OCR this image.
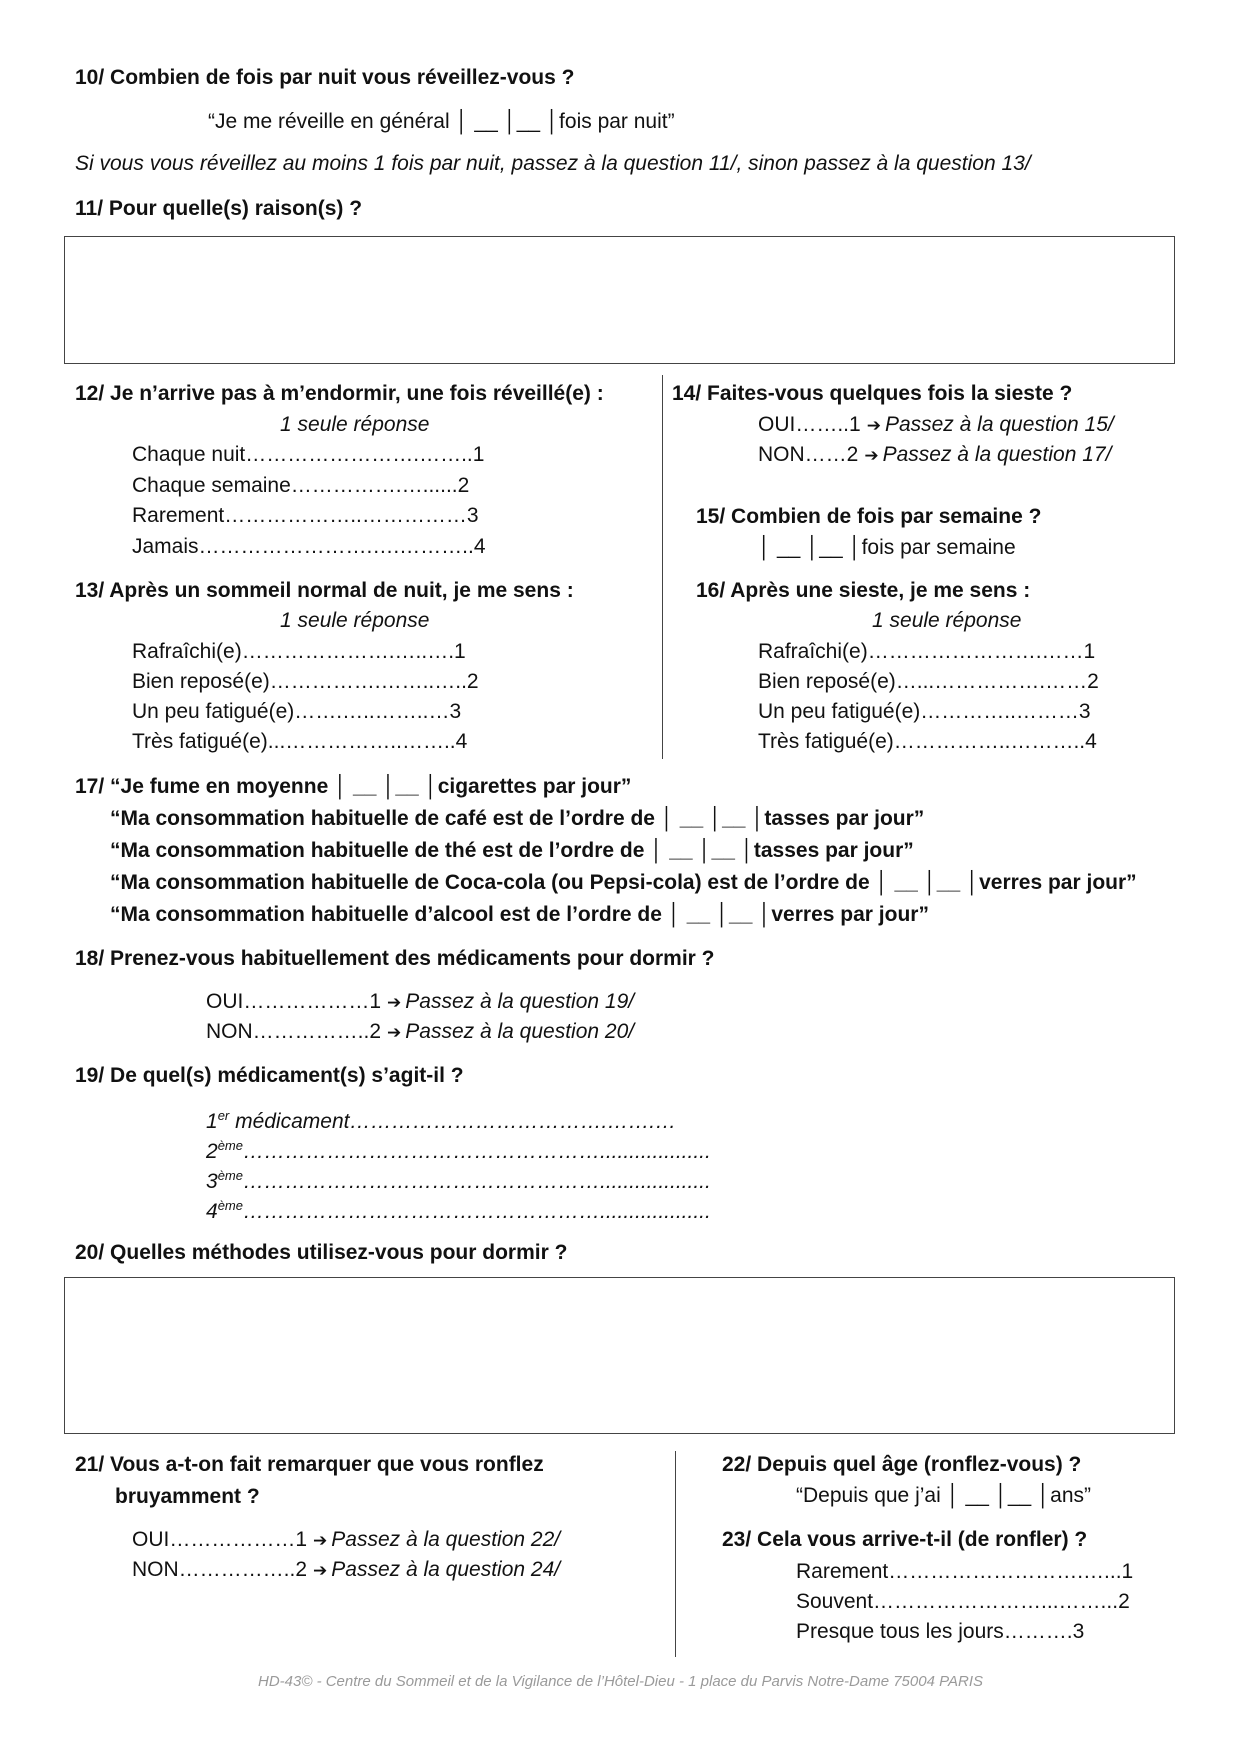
10/ Combien de fois par nuit vous réveillez-vous ?
“Je me réveille en général │ __ │__ │fois par nuit”
Si vous vous réveillez au moins 1 fois par nuit, passez à la question 11/, sinon passez à la question 13/
11/ Pour quelle(s) raison(s) ?
12/ Je n’arrive pas à m’endormir, une fois réveillé(e) :
1 seule réponse
Chaque nuit…………………….……..1
Chaque semaine…………….…......2
Rarement………………..……………3
Jamais…………………….….………..4
13/ Après un sommeil normal de nuit, je me sens :
1 seule réponse
Rafraîchi(e)………………….…..….1
Bien reposé(e)…………….……..…..2
Un peu fatigué(e)…….…..……..…3
Très fatigué(e)...……………..……..4
14/ Faites-vous quelques fois la sieste ?
OUI……..1 ➔ Passez à la question 15/
NON……2 ➔ Passez à la question 17/
15/ Combien de fois par semaine ?
│ __ │__ │fois par semaine
16/ Après une sieste, je me sens :
1 seule réponse
Rafraîchi(e)…………………….……1
Bien reposé(e)…...…………….……2
Un peu fatigué(e)…………..………3
Très fatigué(e)……………..………..4
17/ “Je fume en moyenne │ __ │__ │cigarettes par jour”
“Ma consommation habituelle de café est de l’ordre de │ __ │__ │tasses par jour”
“Ma consommation habituelle de thé est de l’ordre de │ __ │__ │tasses par jour”
“Ma consommation habituelle de Coca-cola (ou Pepsi-cola) est de l’ordre de │ __ │__ │verres par jour”
“Ma consommation habituelle d’alcool est de l’ordre de │ __ │__ │verres par jour”
18/ Prenez-vous habituellement des médicaments pour dormir ?
OUI………………1 ➔ Passez à la question 19/
NON……………..2 ➔ Passez à la question 20/
19/ De quel(s) médicament(s) s’agit-il ?
1er médicament……………………………….…….…
2ème……………………………………………...................
3ème……………………………………………...................
4ème……………………………………………...................
20/ Quelles méthodes utilisez-vous pour dormir ?
21/ Vous a-t-on fait remarquer que vous ronflez
bruyamment ?
OUI………………1 ➔ Passez à la question 22/
NON……………..2 ➔ Passez à la question 24/
22/ Depuis quel âge (ronflez-vous) ?
“Depuis que j’ai │ __ │__ │ans”
23/ Cela vous arrive-t-il (de ronfler) ?
Rarement……………………….…...1
Souvent……………………...……...2
Presque tous les jours……….3
HD-43© - Centre du Sommeil et de la Vigilance de l’Hôtel-Dieu - 1 place du Parvis Notre-Dame 75004 PARIS
